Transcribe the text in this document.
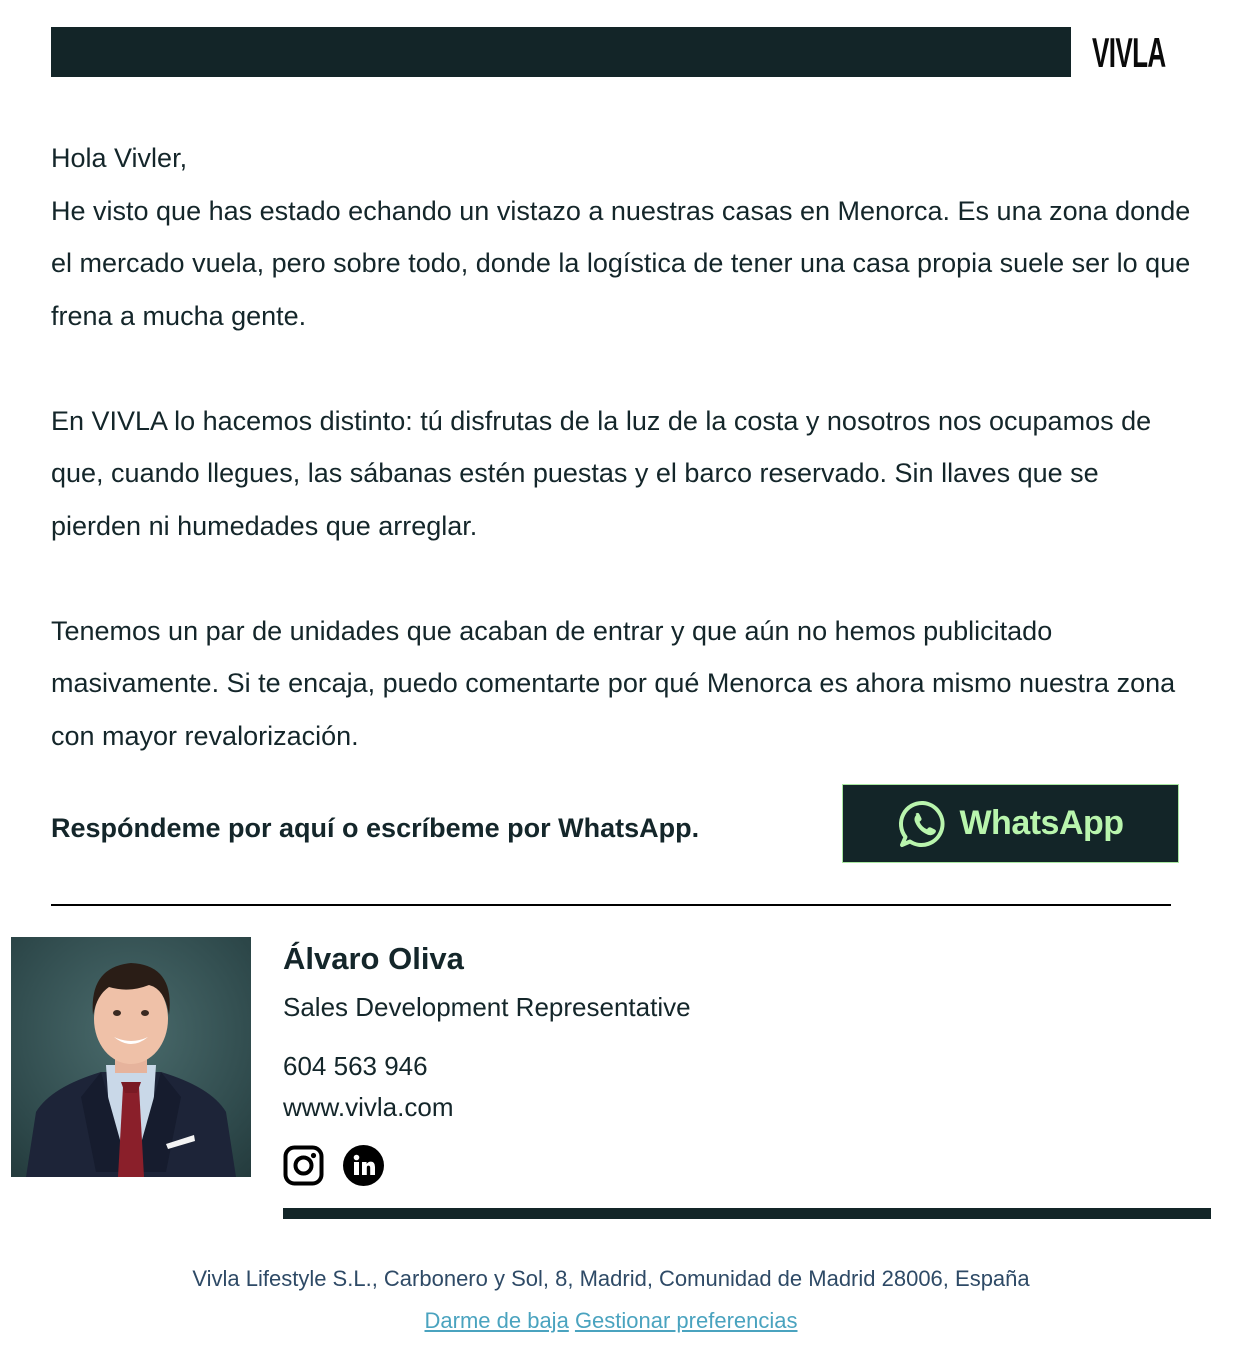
VIVLA
Hola Vivler,
He visto que has estado echando un vistazo a nuestras casas en Menorca. Es una zona donde el mercado vuela, pero sobre todo, donde la logística de tener una casa propia suele ser lo que frena a mucha gente.
En VIVLA lo hacemos distinto: tú disfrutas de la luz de la costa y nosotros nos ocupamos de que, cuando llegues, las sábanas estén puestas y el barco reservado. Sin llaves que se pierden ni humedades que arreglar.
Tenemos un par de unidades que acaban de entrar y que aún no hemos publicitado masivamente. Si te encaja, puedo comentarte por qué Menorca es ahora mismo nuestra zona con mayor revalorización.
Respóndeme por aquí o escríbeme por WhatsApp.	WhatsApp
Álvaro Oliva
Sales Development Representative
604 563 946
www.vivla.com
Vivla Lifestyle S.L., Carbonero y Sol, 8, Madrid, Comunidad de Madrid 28006, España
Darme de baja Gestionar preferencias
